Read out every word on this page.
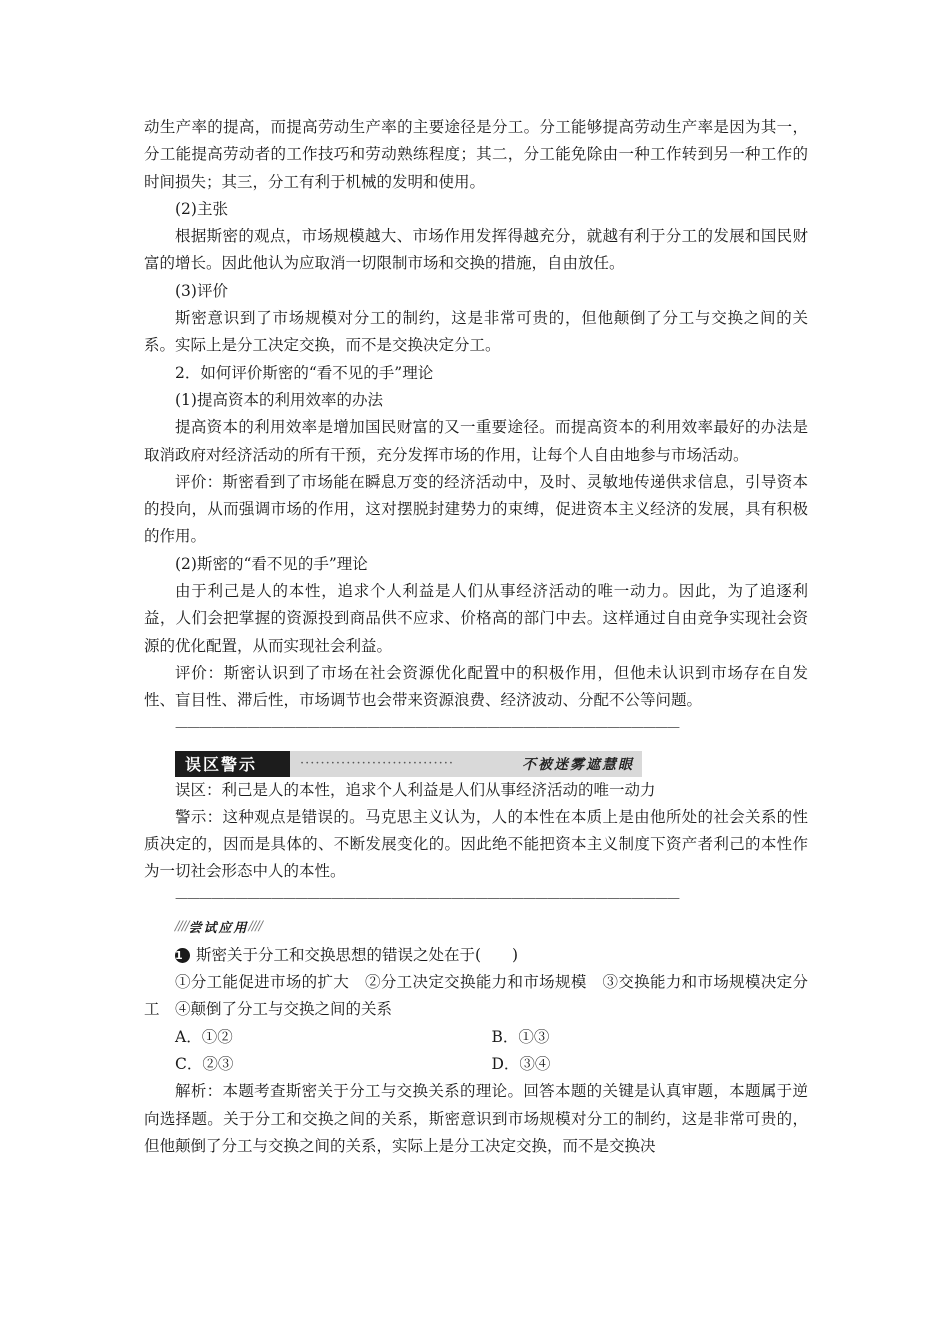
动生产率的提高，而提高劳动生产率的主要途径是分工。分工能够提高劳动生产率是因为其一，分工能提高劳动者的工作技巧和劳动熟练程度；其二，分工能免除由一种工作转到另一种工作的时间损失；其三，分工有利于机械的发明和使用。

(2)主张

根据斯密的观点，市场规模越大、市场作用发挥得越充分，就越有利于分工的发展和国民财富的增长。因此他认为应取消一切限制市场和交换的措施，自由放任。

(3)评价

斯密意识到了市场规模对分工的制约，这是非常可贵的，但他颠倒了分工与交换之间的关系。实际上是分工决定交换，而不是交换决定分工。

2．如何评价斯密的“看不见的手”理论

(1)提高资本的利用效率的办法

提高资本的利用效率是增加国民财富的又一重要途径。而提高资本的利用效率最好的办法是取消政府对经济活动的所有干预，充分发挥市场的作用，让每个人自由地参与市场活动。

评价：斯密看到了市场能在瞬息万变的经济活动中，及时、灵敏地传递供求信息，引导资本的投向，从而强调市场的作用，这对摆脱封建势力的束缚，促进资本主义经济的发展，具有积极的作用。

(2)斯密的“看不见的手”理论

由于利己是人的本性，追求个人利益是人们从事经济活动的唯一动力。因此，为了追逐利益，人们会把掌握的资源投到商品供不应求、价格高的部门中去。这样通过自由竞争实现社会资源的优化配置，从而实现社会利益。

评价：斯密认识到了市场在社会资源优化配置中的积极作用，但他未认识到市场存在自发性、盲目性、滞后性，市场调节也会带来资源浪费、经济波动、分配不公等问题。

——————————————————————————————————————————
误区警示	······························	不被迷雾遮慧眼

误区：利己是人的本性，追求个人利益是人们从事经济活动的唯一动力

警示：这种观点是错误的。马克思主义认为，人的本性在本质上是由他所处的社会关系的性质决定的，因而是具体的、不断发展变化的。因此绝不能把资本主义制度下资产者利己的本性作为一切社会形态中人的本性。

——————————————————————————————————————————
//// 尝试应用 ////

1 斯密关于分工和交换思想的错误之处在于(　　)

①分工能促进市场的扩大　②分工决定交换能力和市场规模　③交换能力和市场规模决定分工　④颠倒了分工与交换之间的关系

A．①②	B．①③
C．②③	D．③④

解析：本题考查斯密关于分工与交换关系的理论。回答本题的关键是认真审题，本题属于逆向选择题。关于分工和交换之间的关系，斯密意识到市场规模对分工的制约，这是非常可贵的，但他颠倒了分工与交换之间的关系，实际上是分工决定交换，而不是交换决
